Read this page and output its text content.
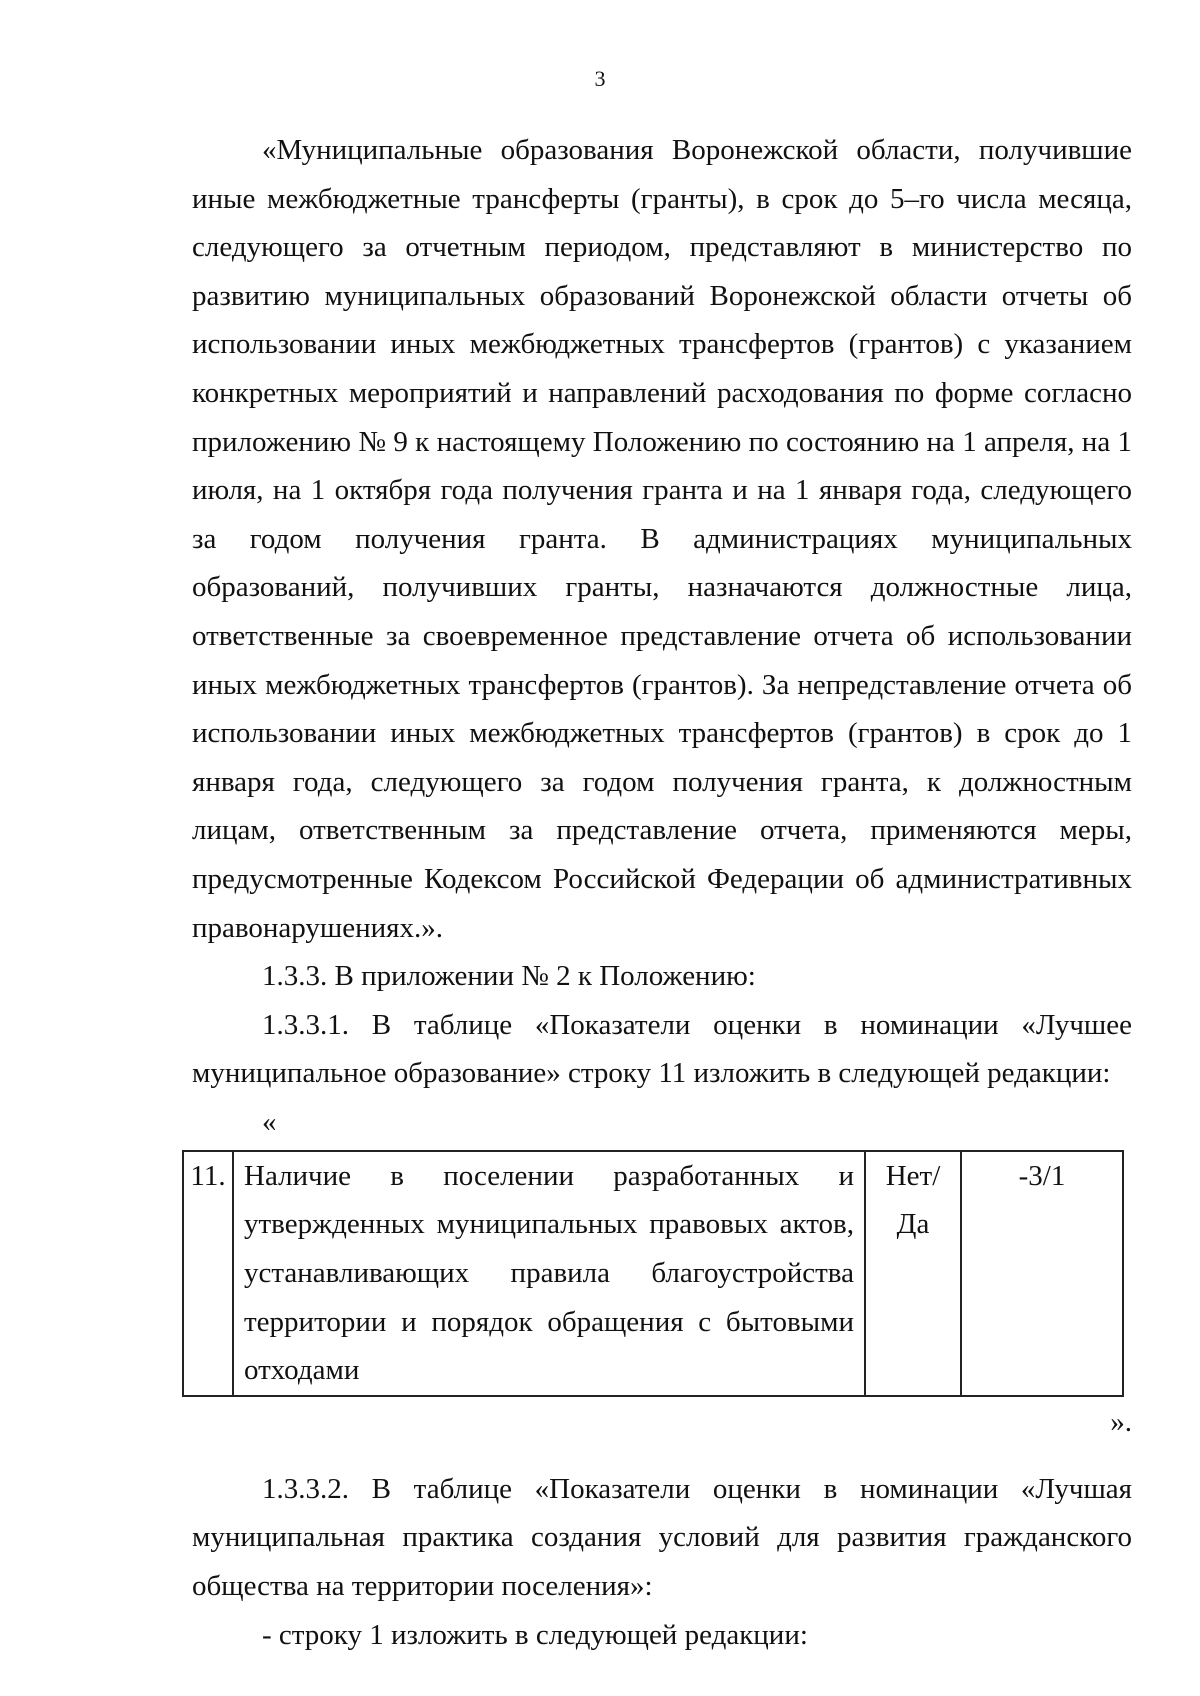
3

«Муниципальные образования Воронежской области, получившие иные межбюджетные трансферты (гранты), в срок до 5–го числа месяца, следующего за отчетным периодом, представляют в министерство по развитию муниципальных образований Воронежской области отчеты об использовании иных межбюджетных трансфертов (грантов) с указанием конкретных мероприятий и направлений расходования по форме согласно приложению № 9 к настоящему Положению по состоянию на 1 апреля, на 1 июля, на 1 октября года получения гранта и на 1 января года, следующего за годом получения гранта. В администрациях муниципальных образований, получивших гранты, назначаются должностные лица, ответственные за своевременное представление отчета об использовании иных межбюджетных трансфертов (грантов). За непредставление отчета об использовании иных межбюджетных трансфертов (грантов) в срок до 1 января года, следующего за годом получения гранта, к должностным лицам, ответственным за представление отчета, применяются меры, предусмотренные Кодексом Российской Федерации об административных правонарушениях.».

1.3.3. В приложении № 2 к Положению:

1.3.3.1. В таблице «Показатели оценки в номинации «Лучшее муниципальное образование» строку 11 изложить в следующей редакции:

«

11.	Наличие в поселении разработанных и утвержденных муниципальных правовых актов, устанавливающих правила благоустройства территории и порядок обращения с бытовыми отходами	Нет/Да	-3/1

».

1.3.3.2. В таблице «Показатели оценки в номинации «Лучшая муниципальная практика создания условий для развития гражданского общества на территории поселения»:

- строку 1 изложить в следующей редакции:
